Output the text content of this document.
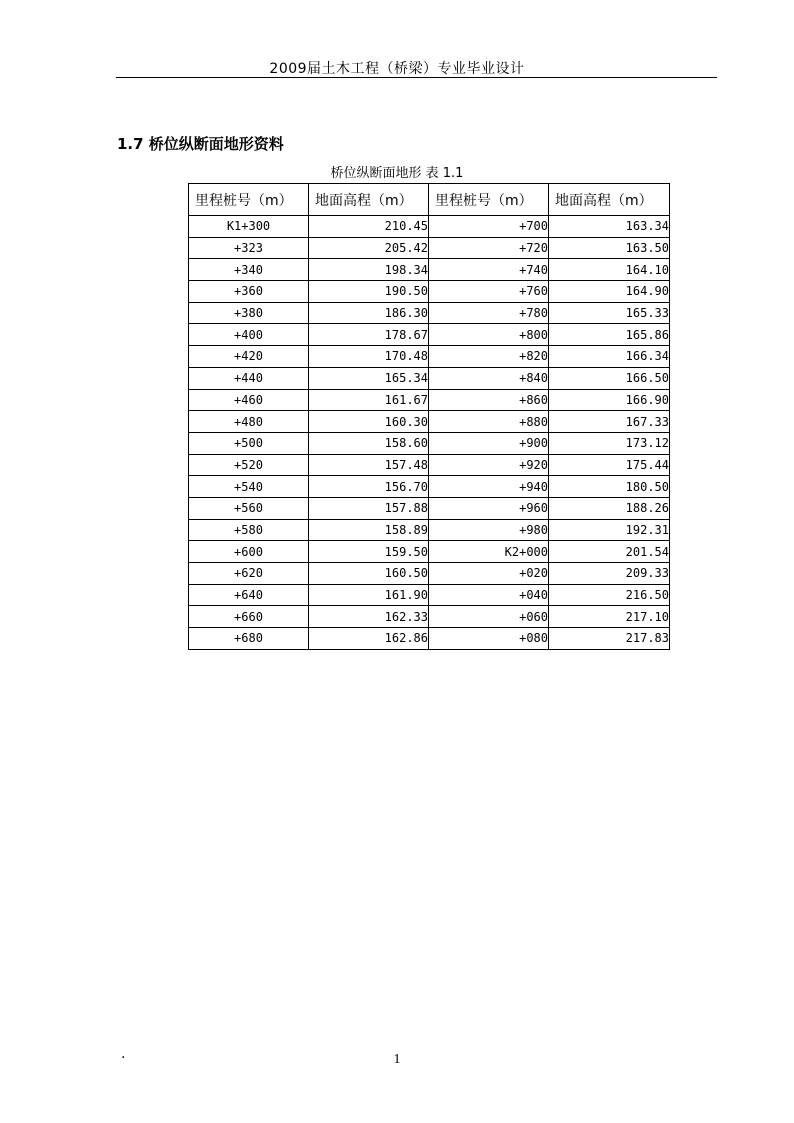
2009届土木工程（桥梁）专业毕业设计
1.7 桥位纵断面地形资料
桥位纵断面地形 表 1.1
里程桩号（m）	地面高程（m）	里程桩号（m）	地面高程（m）
K1+300	210.45	+700	163.34
+323	205.42	+720	163.50
+340	198.34	+740	164.10
+360	190.50	+760	164.90
+380	186.30	+780	165.33
+400	178.67	+800	165.86
+420	170.48	+820	166.34
+440	165.34	+840	166.50
+460	161.67	+860	166.90
+480	160.30	+880	167.33
+500	158.60	+900	173.12
+520	157.48	+920	175.44
+540	156.70	+940	180.50
+560	157.88	+960	188.26
+580	158.89	+980	192.31
+600	159.50	K2+000	201.54
+620	160.50	+020	209.33
+640	161.90	+040	216.50
+660	162.33	+060	217.10
+680	162.86	+080	217.83
·	1
